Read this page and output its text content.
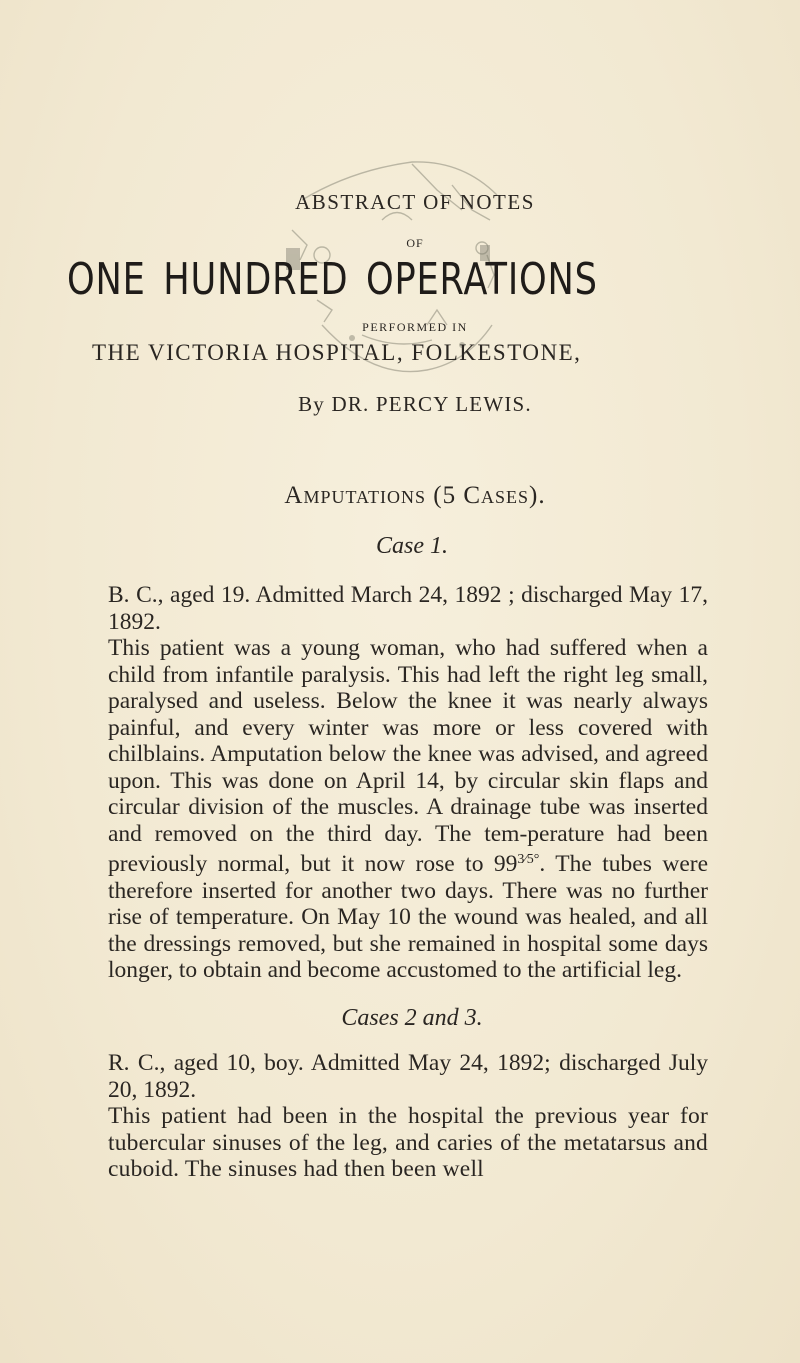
ABSTRACT OF NOTES
OF
ONE HUNDRED OPERATIONS
PERFORMED IN
THE VICTORIA HOSPITAL, FOLKESTONE,
By DR. PERCY LEWIS.
Amputations (5 Cases).
Case 1.

B. C., aged 19. Admitted March 24, 1892 ; discharged May 17, 1892.

This patient was a young woman, who had suffered when a child from infantile paralysis. This had left the right leg small, paralysed and useless. Below the knee it was nearly always painful, and every winter was more or less covered with chilblains. Amputation below the knee was advised, and agreed upon. This was done on April 14, by circular skin flaps and circular division of the muscles. A drainage tube was inserted and removed on the third day. The tem-perature had been previously normal, but it now rose to $99^{3⁄5^\circ}$. The tubes were therefore inserted for another two days. There was no further rise of temperature. On May 10 the wound was healed, and all the dressings removed, but she remained in hospital some days longer, to obtain and become accustomed to the artificial leg.

Cases 2 and 3.

R. C., aged 10, boy. Admitted May 24, 1892; discharged July 20, 1892.

This patient had been in the hospital the previous year for tubercular sinuses of the leg, and caries of the metatarsus and cuboid. The sinuses had then been well
